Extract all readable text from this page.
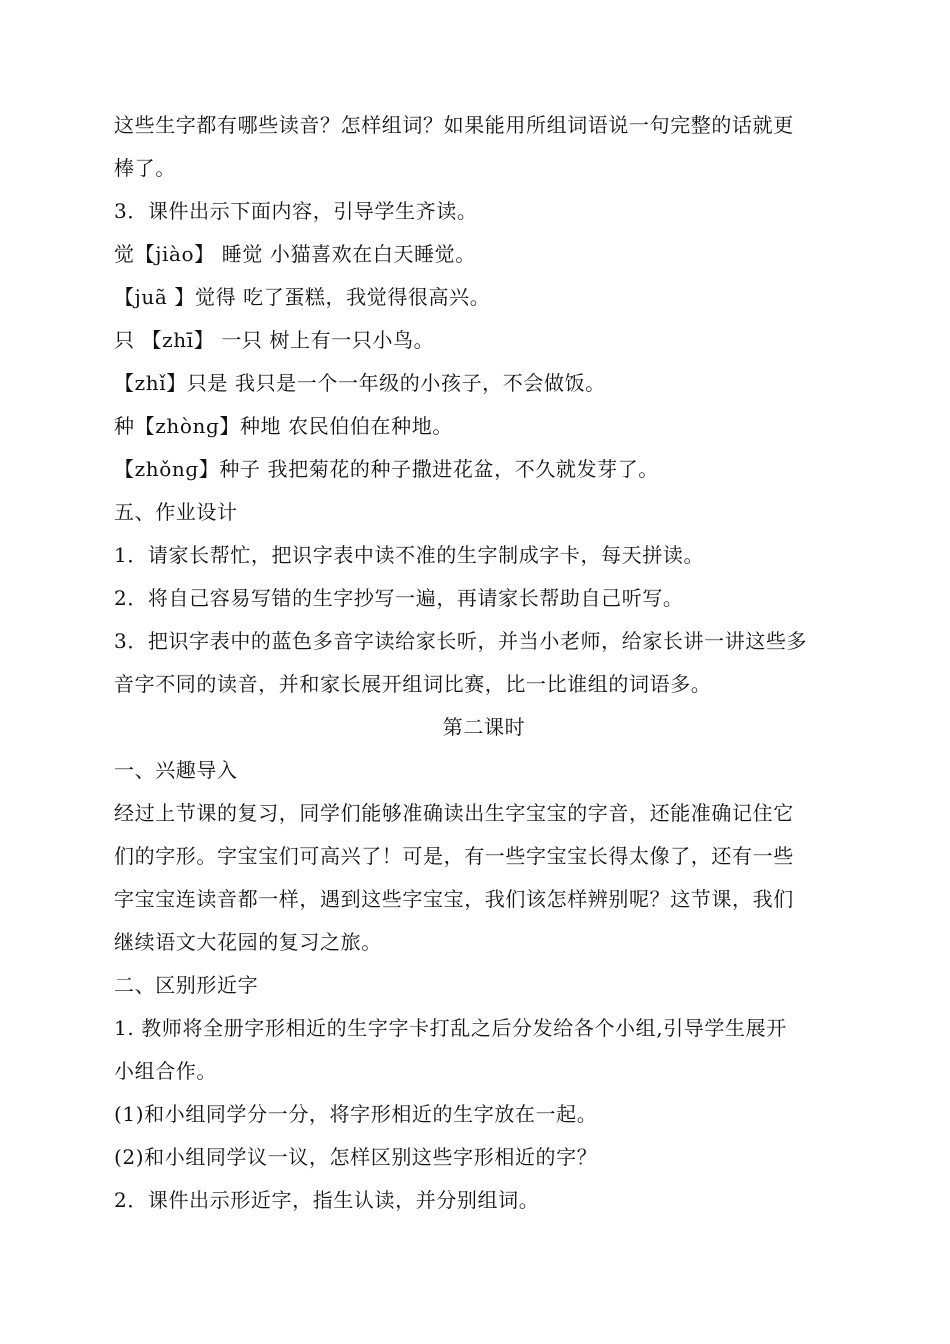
这些生字都有哪些读音？怎样组词？如果能用所组词语说一句完整的话就更
棒了。
3．课件出示下面内容，引导学生齐读。
觉【jiào】 睡觉 小猫喜欢在白天睡觉。
【juã 】觉得 吃了蛋糕，我觉得很高兴。
只 【zhī】 一只 树上有一只小鸟。
【zhǐ】只是 我只是一个一年级的小孩子，不会做饭。
种【zhònɡ】种地 农民伯伯在种地。
【zhǒnɡ】种子 我把菊花的种子撒进花盆，不久就发芽了。
五、作业设计
1．请家长帮忙，把识字表中读不准的生字制成字卡，每天拼读。
2．将自己容易写错的生字抄写一遍，再请家长帮助自己听写。
3．把识字表中的蓝色多音字读给家长听，并当小老师，给家长讲一讲这些多
音字不同的读音，并和家长展开组词比赛，比一比谁组的词语多。
第二课时
一、兴趣导入
经过上节课的复习，同学们能够准确读出生字宝宝的字音，还能准确记住它
们的字形。字宝宝们可高兴了！可是，有一些字宝宝长得太像了，还有一些
字宝宝连读音都一样，遇到这些字宝宝，我们该怎样辨别呢？这节课，我们
继续语文大花园的复习之旅。
二、区别形近字
1. 教师将全册字形相近的生字字卡打乱之后分发给各个小组,引导学生展开
小组合作。
(1)和小组同学分一分，将字形相近的生字放在一起。
(2)和小组同学议一议，怎样区别这些字形相近的字？
2．课件出示形近字，指生认读，并分别组词。
